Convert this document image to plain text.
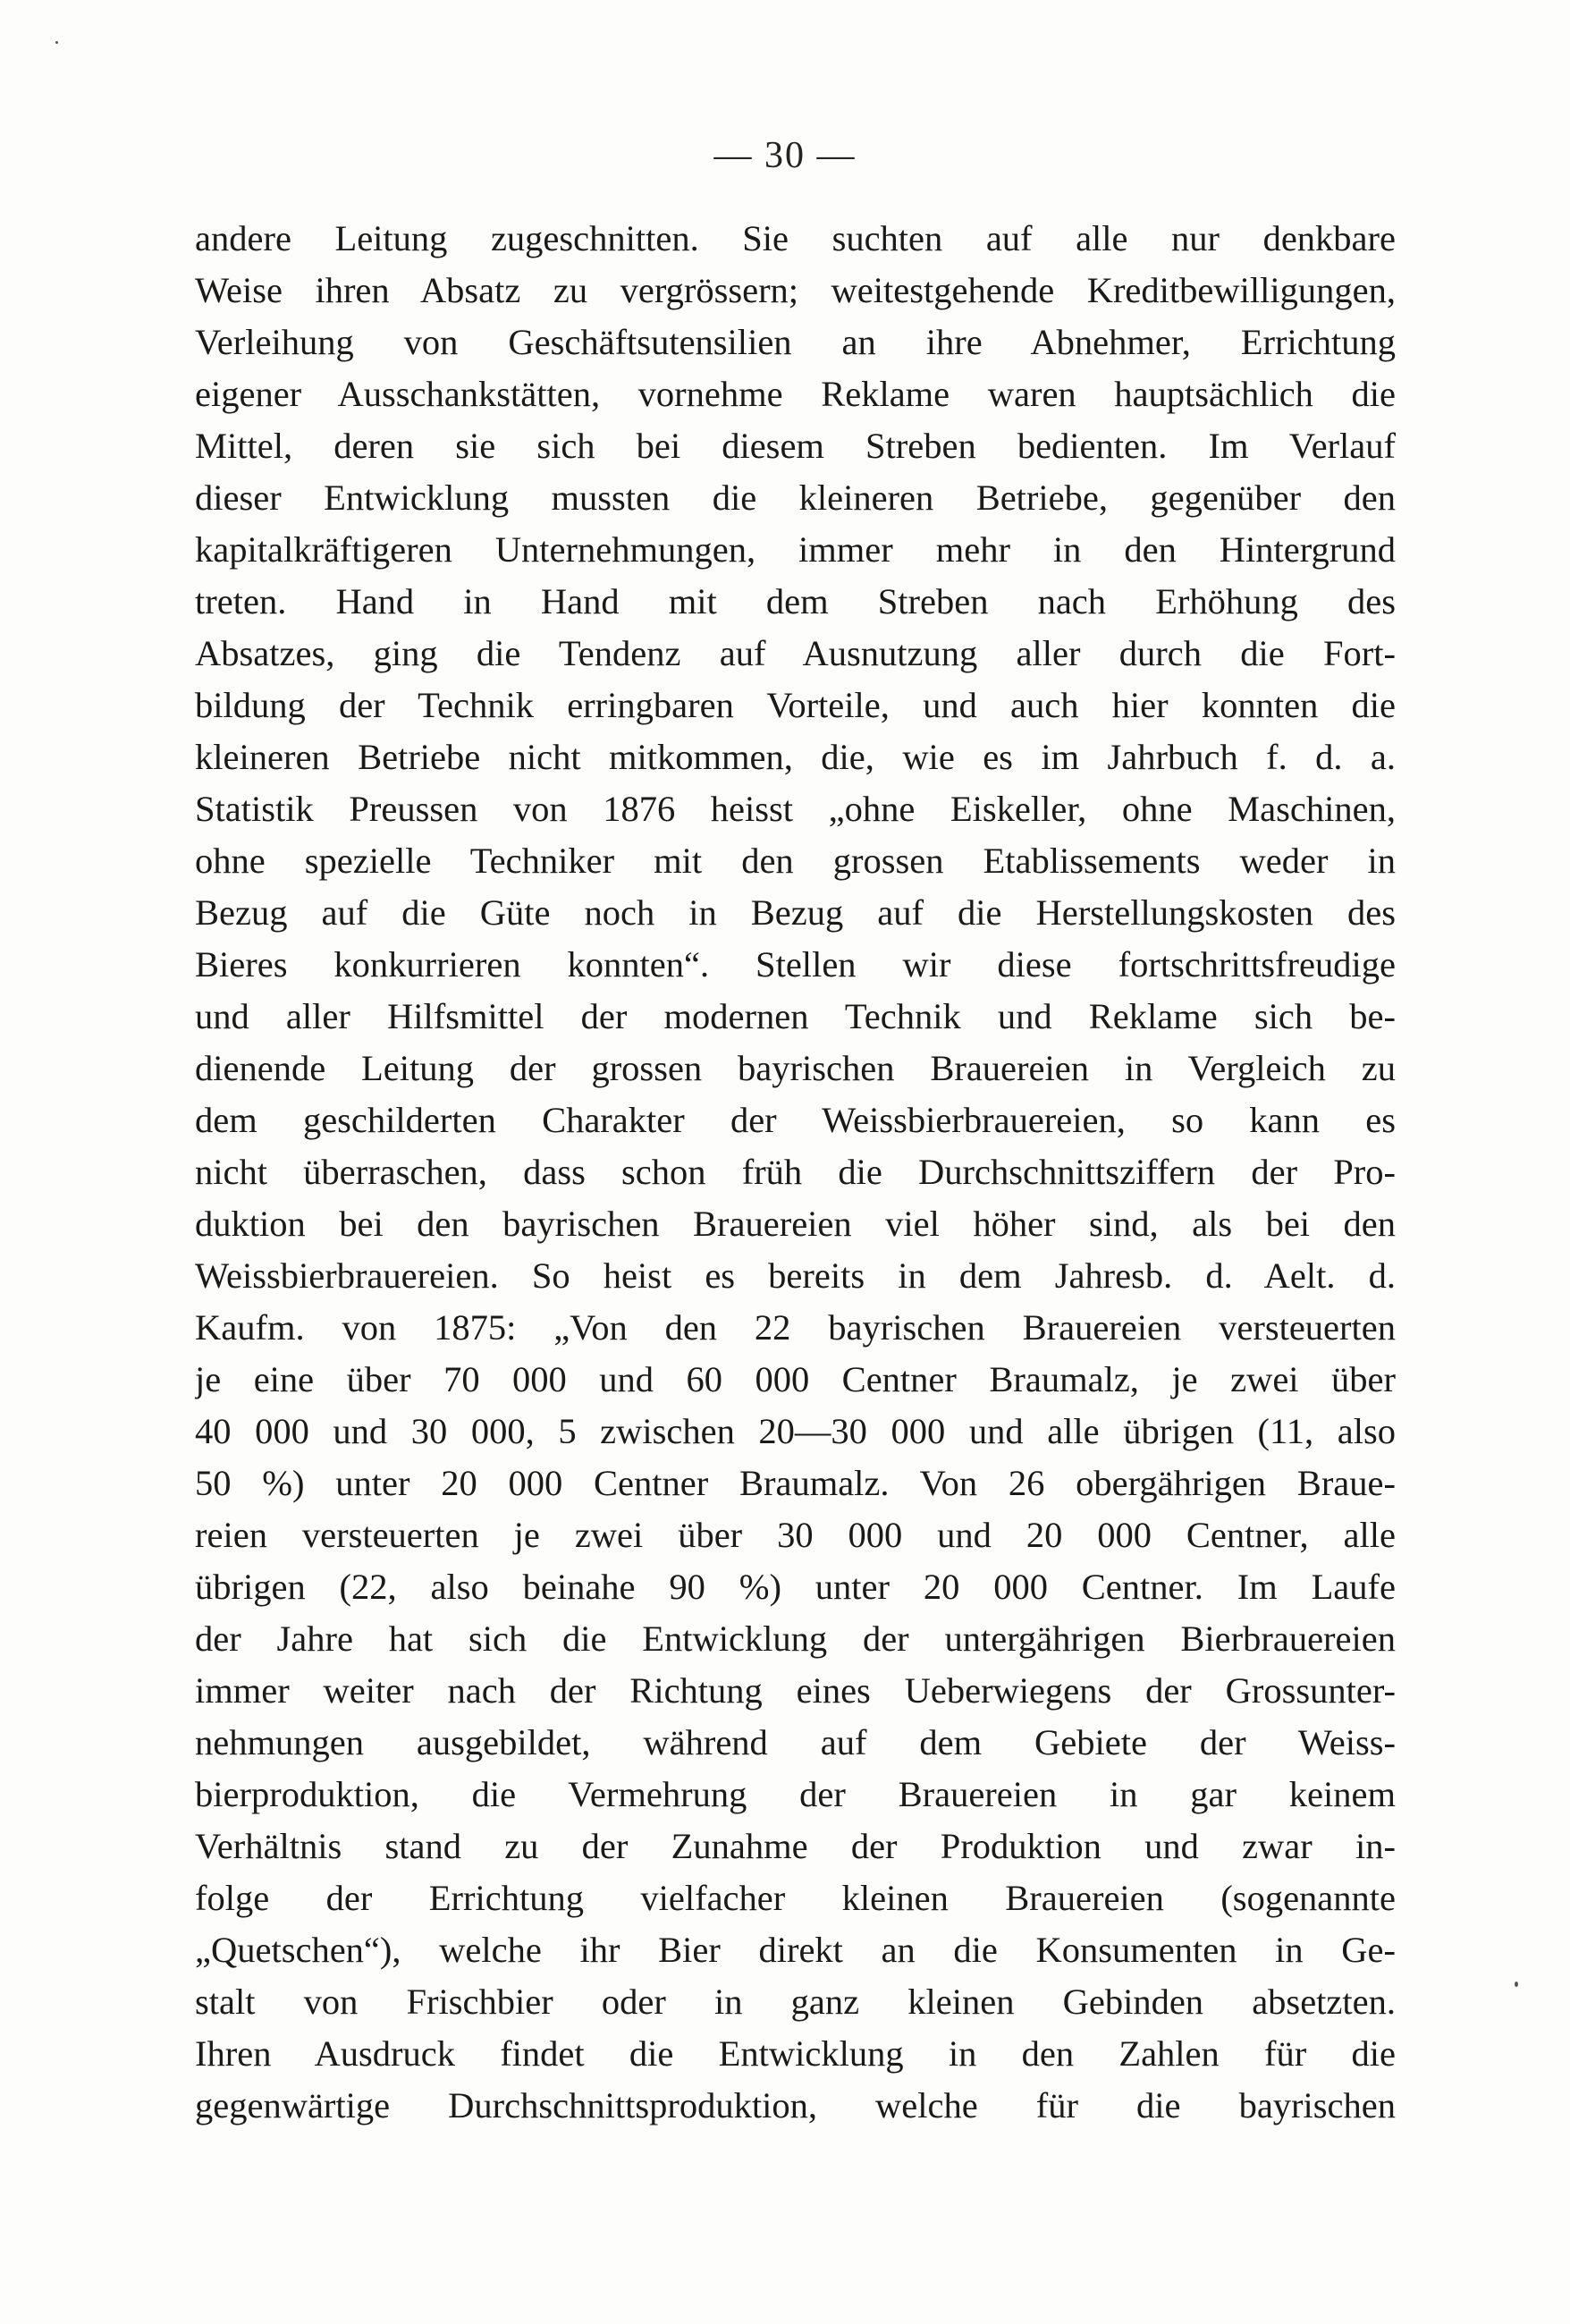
— 30 —
andere Leitung zugeschnitten. Sie suchten auf alle nur denkbare
Weise ihren Absatz zu vergrössern; weitestgehende Kreditbewilligungen,
Verleihung von Geschäftsutensilien an ihre Abnehmer, Errichtung
eigener Ausschankstätten, vornehme Reklame waren hauptsächlich die
Mittel, deren sie sich bei diesem Streben bedienten. Im Verlauf
dieser Entwicklung mussten die kleineren Betriebe, gegenüber den
kapitalkräftigeren Unternehmungen, immer mehr in den Hintergrund
treten. Hand in Hand mit dem Streben nach Erhöhung des
Absatzes, ging die Tendenz auf Ausnutzung aller durch die Fort-
bildung der Technik erringbaren Vorteile, und auch hier konnten die
kleineren Betriebe nicht mitkommen, die, wie es im Jahrbuch f. d. a.
Statistik Preussen von 1876 heisst „ohne Eiskeller, ohne Maschinen,
ohne spezielle Techniker mit den grossen Etablissements weder in
Bezug auf die Güte noch in Bezug auf die Herstellungskosten des
Bieres konkurrieren konnten“. Stellen wir diese fortschrittsfreudige
und aller Hilfsmittel der modernen Technik und Reklame sich be-
dienende Leitung der grossen bayrischen Brauereien in Vergleich zu
dem geschilderten Charakter der Weissbierbrauereien, so kann es
nicht überraschen, dass schon früh die Durchschnittsziffern der Pro-
duktion bei den bayrischen Brauereien viel höher sind, als bei den
Weissbierbrauereien. So heist es bereits in dem Jahresb. d. Aelt. d.
Kaufm. von 1875: „Von den 22 bayrischen Brauereien versteuerten
je eine über 70 000 und 60 000 Centner Braumalz, je zwei über
40 000 und 30 000, 5 zwischen 20—30 000 und alle übrigen (11, also
50 %) unter 20 000 Centner Braumalz. Von 26 obergährigen Braue-
reien versteuerten je zwei über 30 000 und 20 000 Centner, alle
übrigen (22, also beinahe 90 %) unter 20 000 Centner. Im Laufe
der Jahre hat sich die Entwicklung der untergährigen Bierbrauereien
immer weiter nach der Richtung eines Ueberwiegens der Grossunter-
nehmungen ausgebildet, während auf dem Gebiete der Weiss-
bierproduktion, die Vermehrung der Brauereien in gar keinem
Verhältnis stand zu der Zunahme der Produktion und zwar in-
folge der Errichtung vielfacher kleinen Brauereien (sogenannte
„Quetschen“), welche ihr Bier direkt an die Konsumenten in Ge-
stalt von Frischbier oder in ganz kleinen Gebinden absetzten.
Ihren Ausdruck findet die Entwicklung in den Zahlen für die
gegenwärtige Durchschnittsproduktion, welche für die bayrischen
